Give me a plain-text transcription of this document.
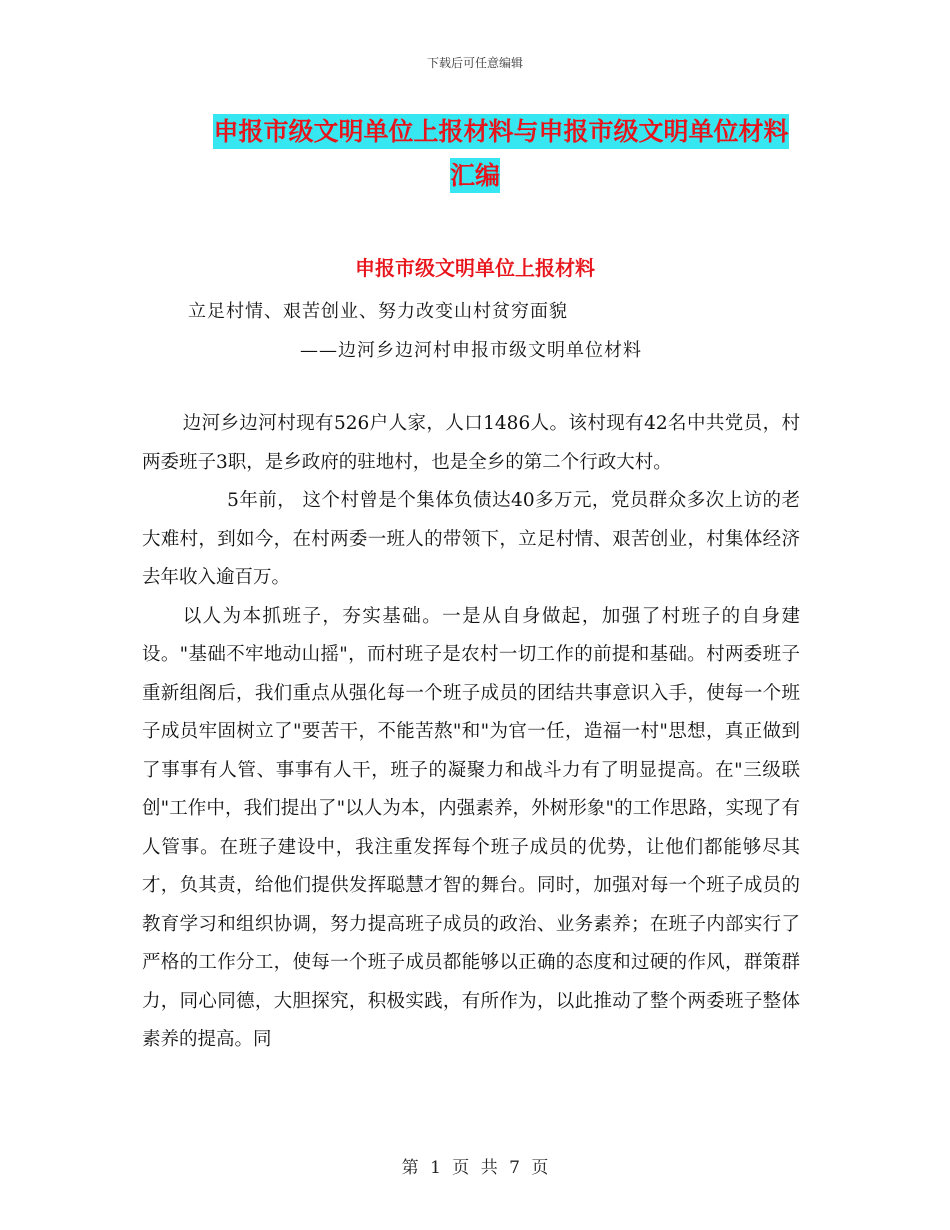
下载后可任意编辑
申报市级文明单位上报材料与申报市级文明单位材料
汇编
申报市级文明单位上报材料
立足村情、艰苦创业、努力改变山村贫穷面貌
——边河乡边河村申报市级文明单位材料

边河乡边河村现有526户人家，人口1486人。该村现有42名中共党员，村两委班子3职，是乡政府的驻地村，也是全乡的第二个行政大村。

5年前， 这个村曾是个集体负债达40多万元，党员群众多次上访的老大难村，到如今，在村两委一班人的带领下，立足村情、艰苦创业，村集体经济去年收入逾百万。

以人为本抓班子，夯实基础。一是从自身做起，加强了村班子的自身建设。"基础不牢地动山摇"，而村班子是农村一切工作的前提和基础。村两委班子重新组阁后，我们重点从强化每一个班子成员的团结共事意识入手，使每一个班子成员牢固树立了"要苦干，不能苦熬"和"为官一任，造福一村"思想，真正做到了事事有人管、事事有人干，班子的凝聚力和战斗力有了明显提高。在"三级联创"工作中，我们提出了"以人为本，内强素养，外树形象"的工作思路，实现了有人管事。在班子建设中，我注重发挥每个班子成员的优势，让他们都能够尽其才，负其责，给他们提供发挥聪慧才智的舞台。同时，加强对每一个班子成员的教育学习和组织协调，努力提高班子成员的政治、业务素养；在班子内部实行了严格的工作分工，使每一个班子成员都能够以正确的态度和过硬的作风，群策群力，同心同德，大胆探究，积极实践，有所作为，以此推动了整个两委班子整体素养的提高。同

第 1 页 共 7 页
